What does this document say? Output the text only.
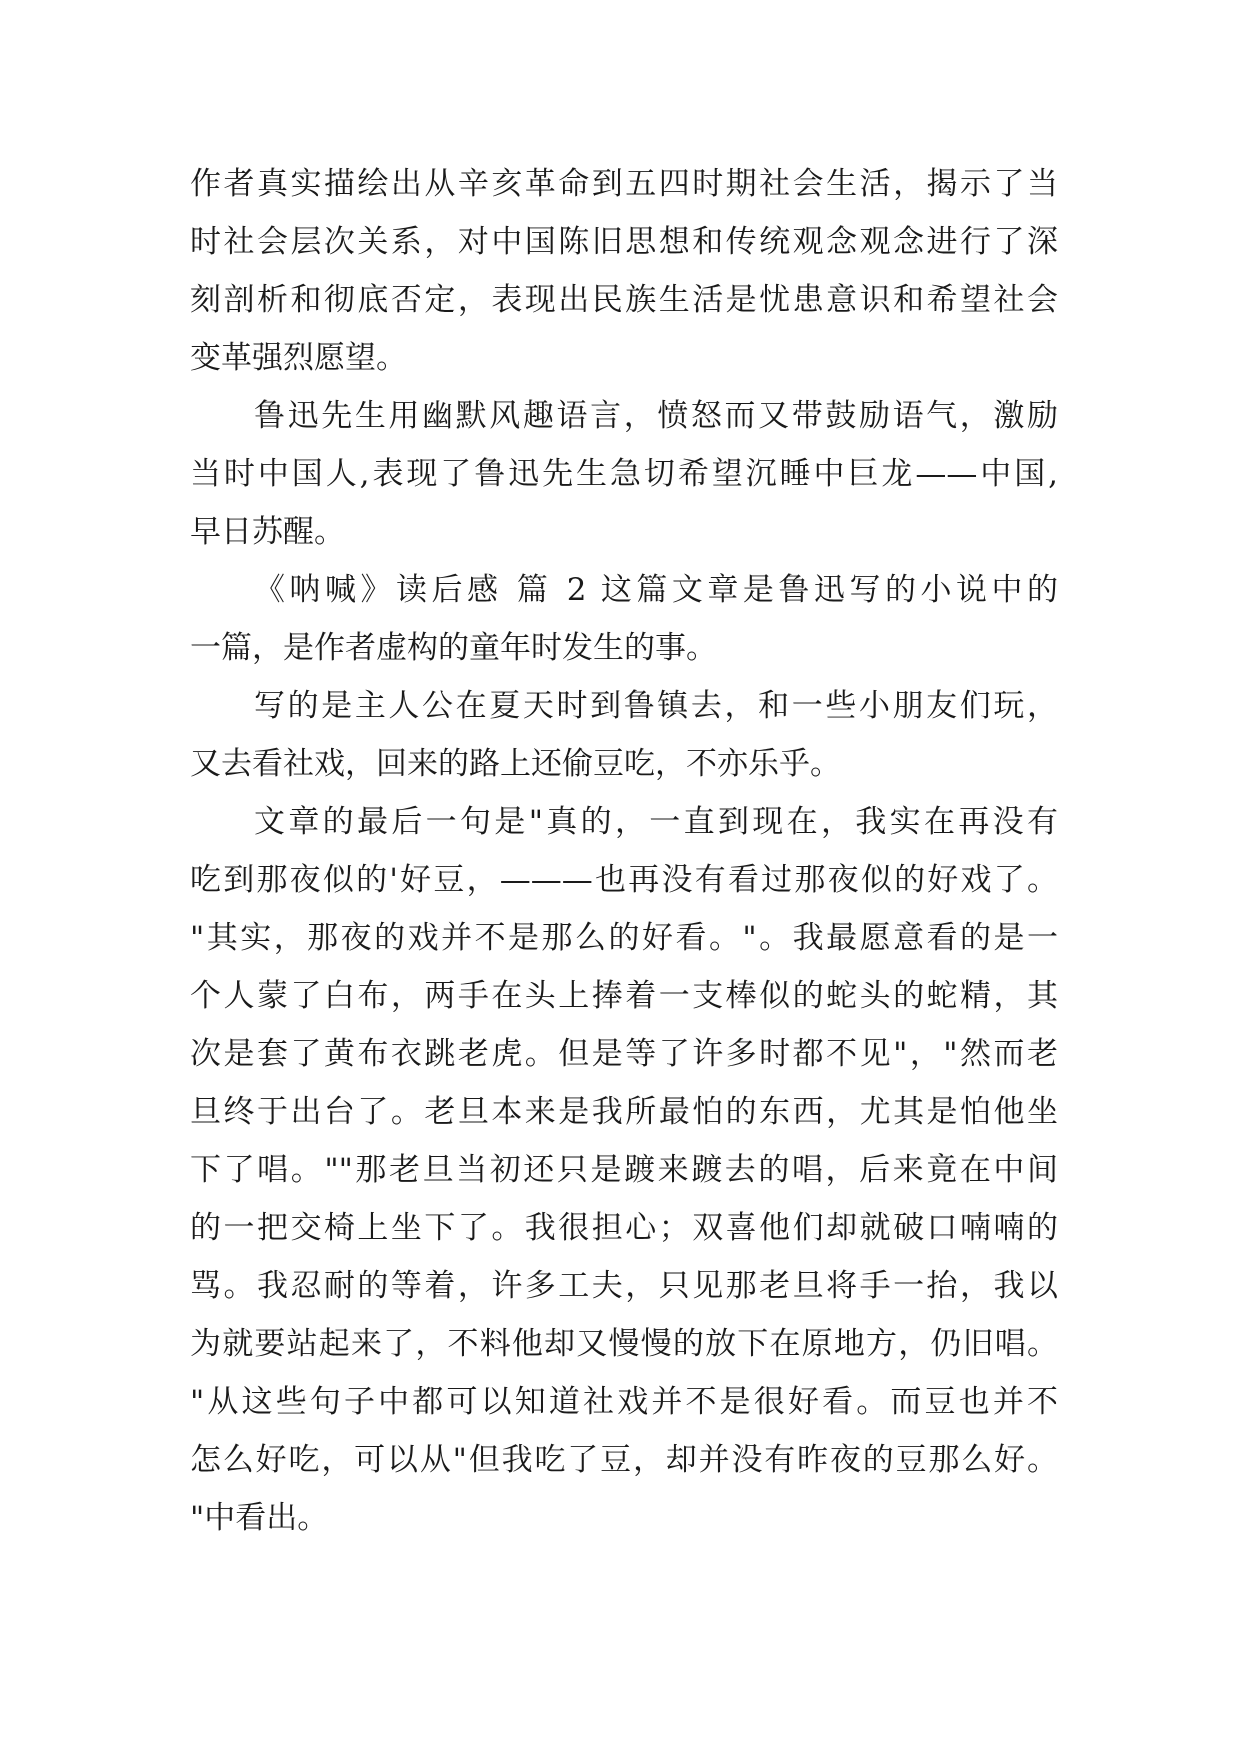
作者真实描绘出从辛亥革命到五四时期社会生活，揭示了当
时社会层次关系，对中国陈旧思想和传统观念观念进行了深
刻剖析和彻底否定，表现出民族生活是忧患意识和希望社会
变革强烈愿望。
鲁迅先生用幽默风趣语言，愤怒而又带鼓励语气，激励
当时中国人,表现了鲁迅先生急切希望沉睡中巨龙——中国,
早日苏醒。
《呐喊》读后感 篇 2 这篇文章是鲁迅写的小说中的
一篇，是作者虚构的童年时发生的事。
写的是主人公在夏天时到鲁镇去，和一些小朋友们玩，
又去看社戏，回来的路上还偷豆吃，不亦乐乎。
文章的最后一句是"真的，一直到现在，我实在再没有
吃到那夜似的'好豆，———也再没有看过那夜似的好戏了。
"其实，那夜的戏并不是那么的好看。"。我最愿意看的是一
个人蒙了白布，两手在头上捧着一支棒似的蛇头的蛇精，其
次是套了黄布衣跳老虎。但是等了许多时都不见"，"然而老
旦终于出台了。老旦本来是我所最怕的东西，尤其是怕他坐
下了唱。""那老旦当初还只是踱来踱去的唱，后来竟在中间
的一把交椅上坐下了。我很担心；双喜他们却就破口喃喃的
骂。我忍耐的等着，许多工夫，只见那老旦将手一抬，我以
为就要站起来了，不料他却又慢慢的放下在原地方，仍旧唱。
"从这些句子中都可以知道社戏并不是很好看。而豆也并不
怎么好吃，可以从"但我吃了豆，却并没有昨夜的豆那么好。
"中看出。
